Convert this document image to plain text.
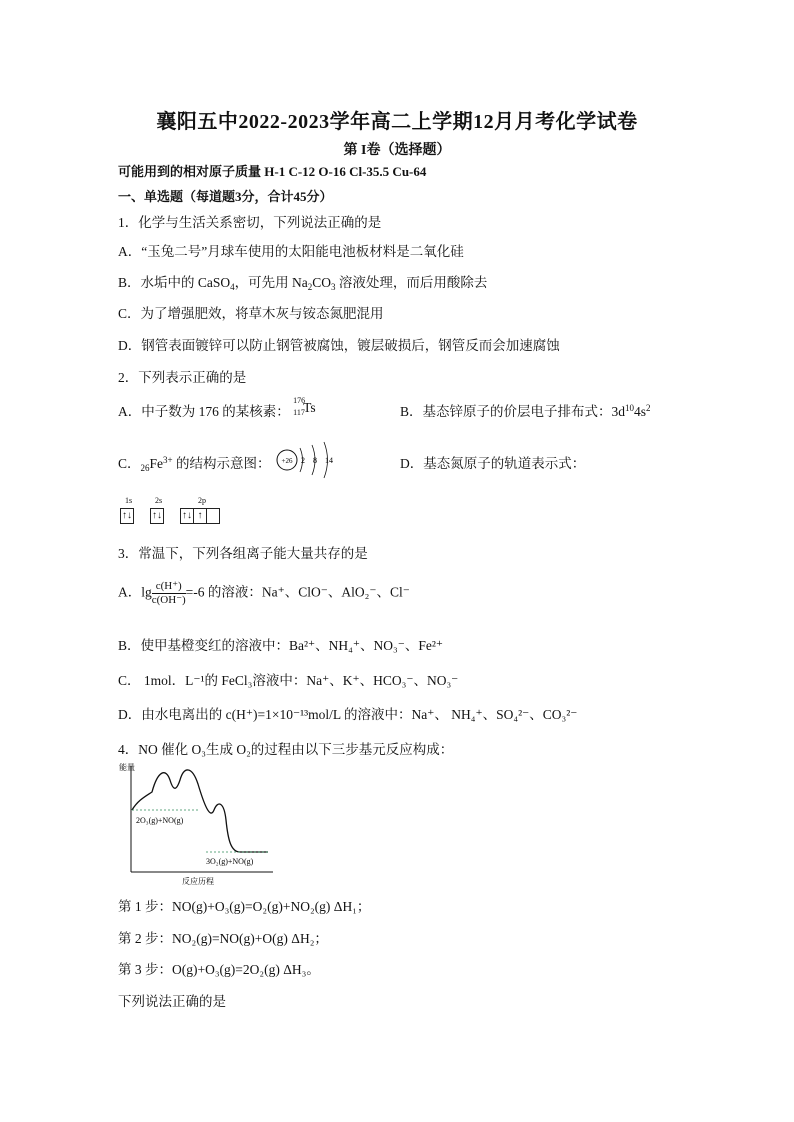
襄阳五中2022-2023学年高二上学期12月月考化学试卷
第 I卷（选择题）
可能用到的相对原子质量 H-1 C-12 O-16 Cl-35.5 Cu-64
一、单选题（每道题3分，合计45分）
1．化学与生活关系密切，下列说法正确的是
A．“玉兔二号”月球车使用的太阳能电池板材料是二氧化硅
B．水垢中的 CaSO$_4$，可先用 $Na_2CO_3$ 溶液处理，而后用酸除去
C．为了增强肥效，将草木灰与铵态氮肥混用
D．钢管表面镀锌可以防止钢管被腐蚀，镀层破损后，钢管反而会加速腐蚀
2．下列表示正确的是
A．中子数为 176 的某核素：
176
117
Ts	B．基态锌原子的价层电子排布式：$3d^{10}4s^2$
C．$_{26}Fe^{3+}$ 的结构示意图： +26 2 8 14	D．基态氮原子的轨道表示式：
1s	2s	2p
↑↓ ↑↓ ↑↓ ↑
3．常温下，下列各组离子能大量共存的是
A．$\lg \frac{c(H^+)}{c(OH^-)} =-6$ 的溶液：Na⁺、ClO⁻、AlO₂⁻、Cl⁻
B．使甲基橙变红的溶液中：Ba²⁺、NH₄⁺、NO₃⁻、Fe²⁺
C． 1mol．L⁻¹的 FeCl₃溶液中：Na⁺、K⁺、HCO₃⁻、NO₃⁻
D．由水电离出的 c(H⁺)=1×10⁻¹³mol/L 的溶液中：Na⁺、 NH₄⁺、SO₄²⁻、CO₃²⁻
4．NO 催化 O₃生成 O₂的过程由以下三步基元反应构成：
能量
2O₃(g)+NO(g)
3O₂(g)+NO(g)
反应历程
第 1 步：NO(g)+O₃(g)=O₂(g)+NO₂(g) ΔH₁；
第 2 步：NO₂(g)=NO(g)+O(g) ΔH₂；
第 3 步：O(g)+O₃(g)=2O₂(g) ΔH₃。
下列说法正确的是
